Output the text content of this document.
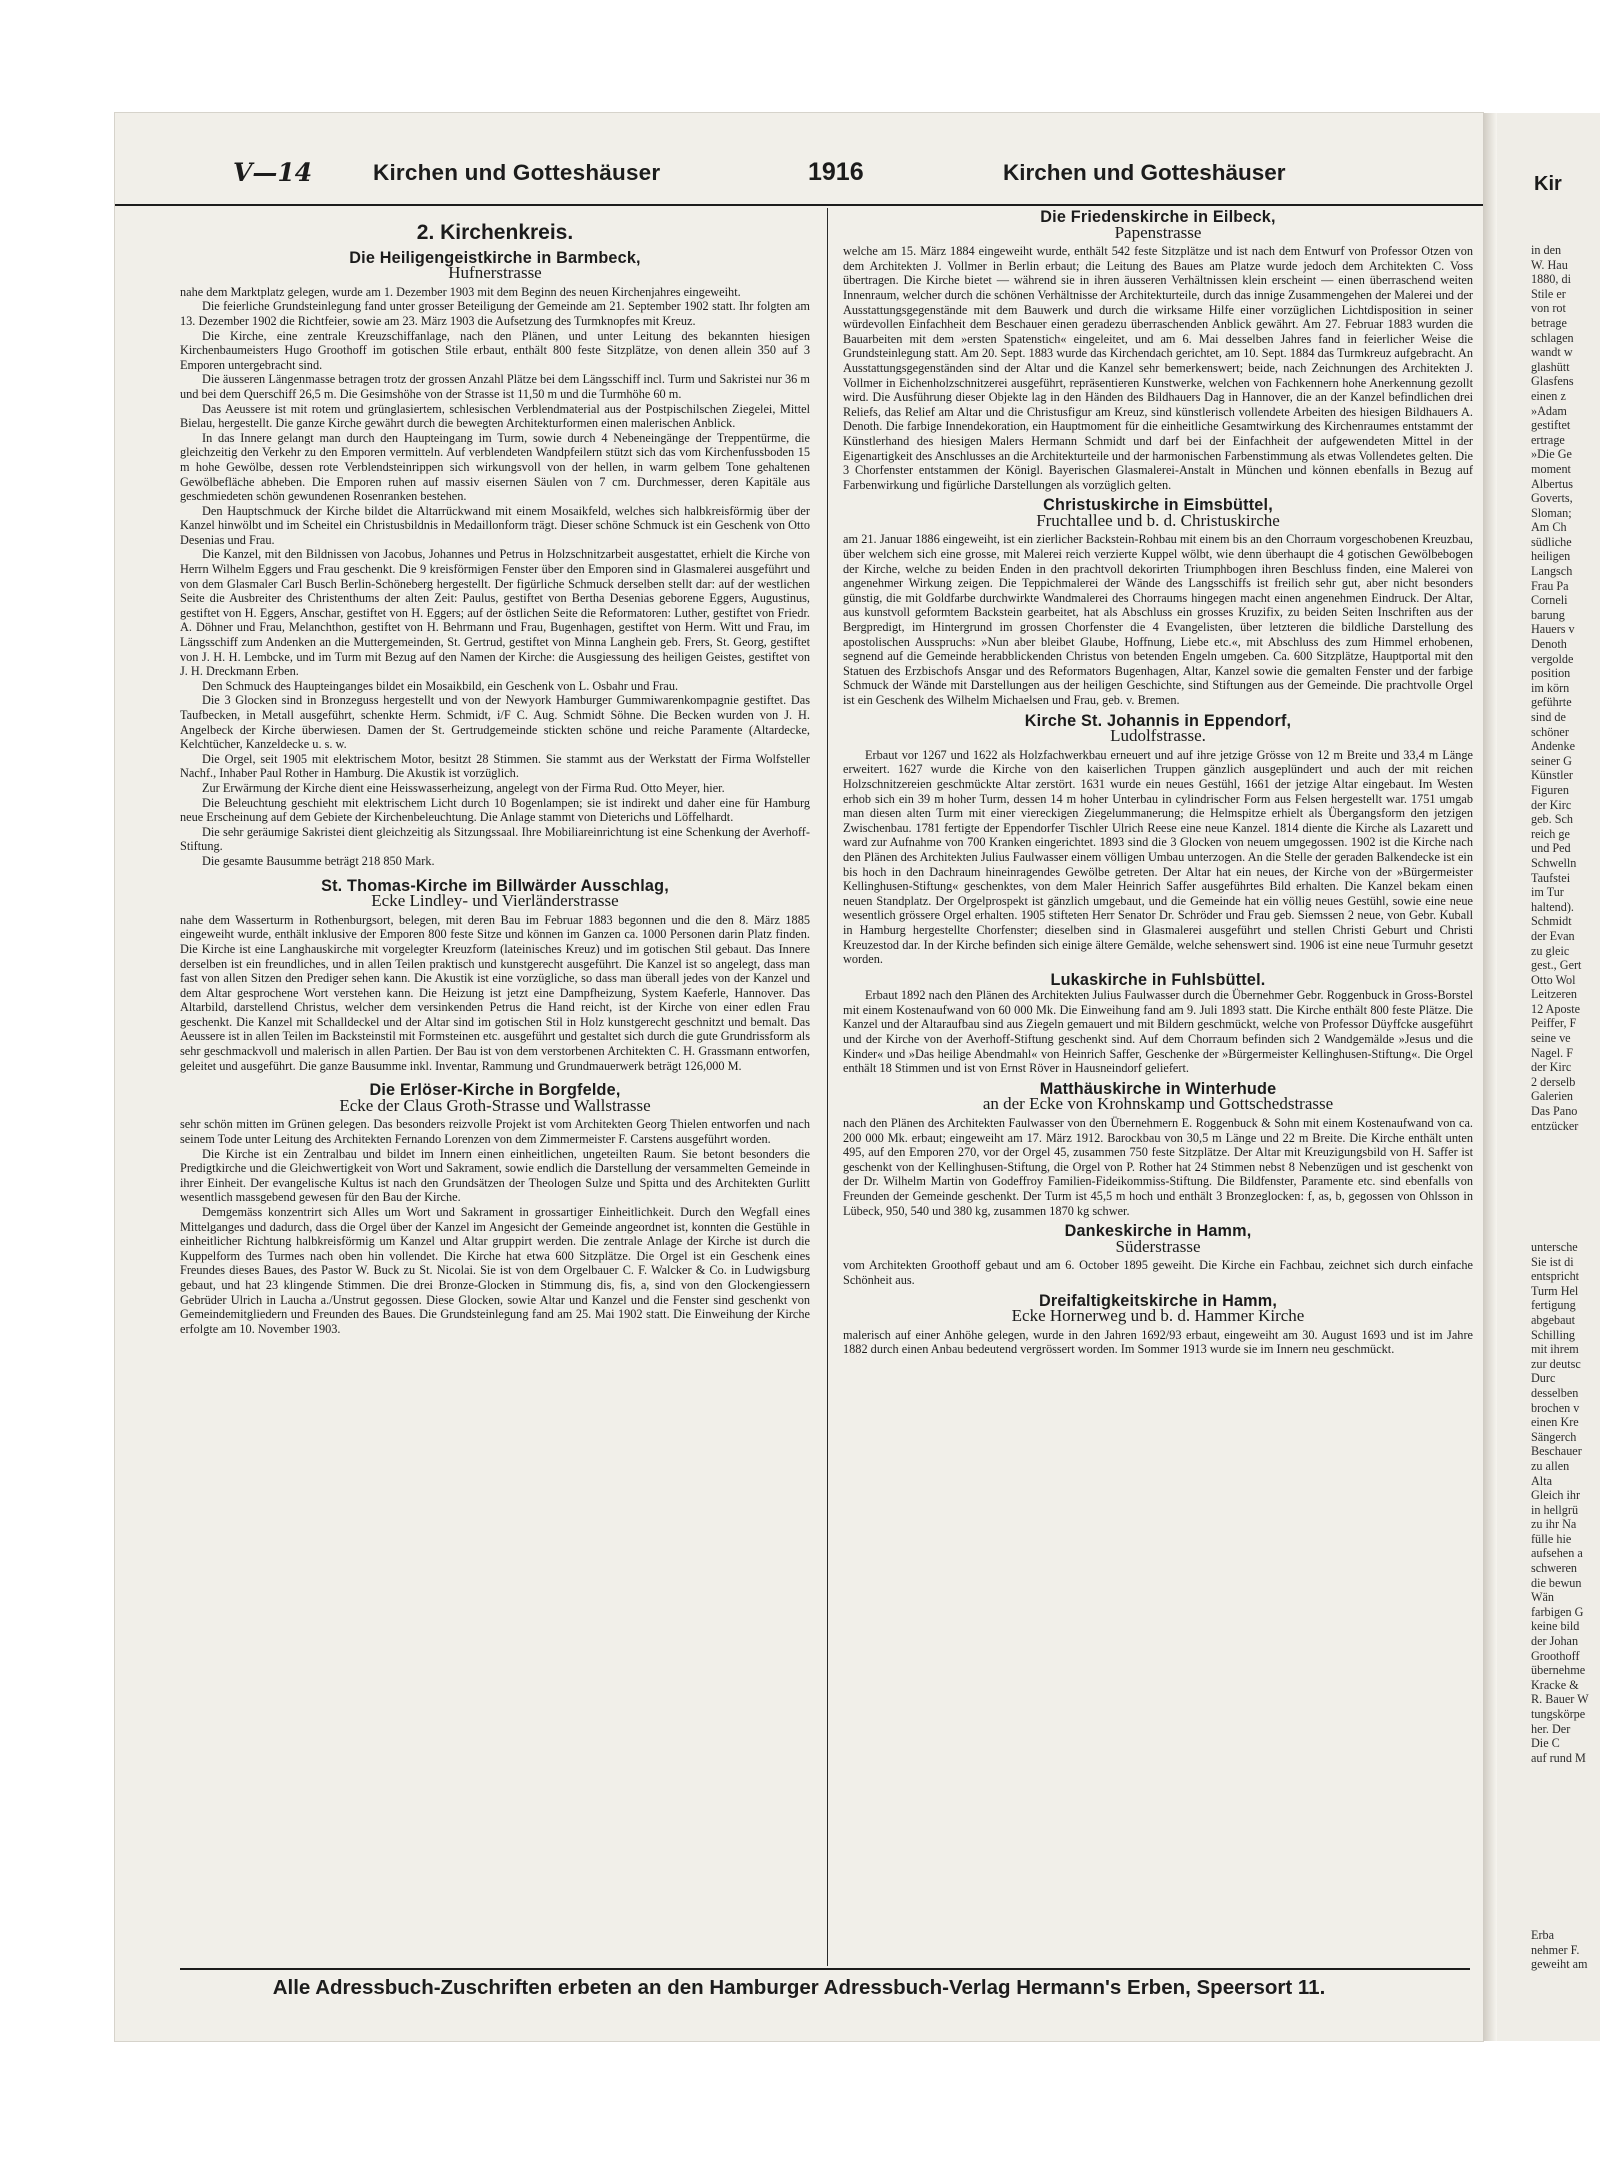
Kir
in den
W. Hau
1880, di
Stile er
von rot
betrage
schlagen
wandt w
glashütt
Glasfens
einen z
»Adam
gestiftet
ertrage
»Die Ge
moment
Albertus
Goverts,
Sloman;
Am Ch
südliche
heiligen
Langsch
Frau Pa
Corneli
barung
Hauers v
Denoth
vergolde
position
im körn
geführte
sind de
schöner
Andenke
seiner G
Künstler
Figuren
der Kirc
geb. Sch
reich ge
und Ped
Schwelln
Taufstei
im Tur
haltend).
Schmidt
der Evan
zu gleic
gest., Gert
Otto Wol
Leitzeren
12 Aposte
Peiffer, F
seine ve
Nagel. F
der Kirc
2 derselb
Galerien
Das Pano
entzücker
untersche
Sie ist di
entspricht
Turm Hel
fertigung
abgebaut
Schilling
mit ihrem
zur deutsc
Durc
desselben
brochen v
einen Kre
Sängerch
Beschauer
zu allen
Alta
Gleich ihr
in hellgrü
zu ihr Na
fülle hie
aufsehen a
schweren
die bewun
Wän
farbigen G
keine bild
der Johan
Groothoff
übernehme
Kracke &
R. Bauer W
tungskörpe
her. Der
Die C
auf rund M
Erba
nehmer F.
geweiht am
V—14	Kirchen und Gotteshäuser	1916	Kirchen und Gotteshäuser
2. Kirchenkreis.
Die Heiligengeistkirche in Barmbeck,
Hufnerstrasse

nahe dem Marktplatz gelegen, wurde am 1. Dezember 1903 mit dem Beginn des neuen Kirchenjahres eingeweiht.

Die feierliche Grundsteinlegung fand unter grosser Beteiligung der Gemeinde am 21. September 1902 statt. Ihr folgten am 13. Dezember 1902 die Richtfeier, sowie am 23. März 1903 die Aufsetzung des Turmknopfes mit Kreuz.

Die Kirche, eine zentrale Kreuzschiffanlage, nach den Plänen, und unter Leitung des bekannten hiesigen Kirchenbaumeisters Hugo Groothoff im gotischen Stile erbaut, enthält 800 feste Sitzplätze, von denen allein 350 auf 3 Emporen untergebracht sind.

Die äusseren Längenmasse betragen trotz der grossen Anzahl Plätze bei dem Längsschiff incl. Turm und Sakristei nur 36 m und bei dem Querschiff 26,5 m. Die Gesimshöhe von der Strasse ist 11,50 m und die Turmhöhe 60 m.

Das Aeussere ist mit rotem und grünglasiertem, schlesischen Verblendmaterial aus der Postpischilschen Ziegelei, Mittel Bielau, hergestellt. Die ganze Kirche gewährt durch die bewegten Architekturformen einen malerischen Anblick.

In das Innere gelangt man durch den Haupteingang im Turm, sowie durch 4 Nebeneingänge der Treppentürme, die gleichzeitig den Verkehr zu den Emporen vermitteln. Auf verblendeten Wandpfeilern stützt sich das vom Kirchenfussboden 15 m hohe Gewölbe, dessen rote Verblendsteinrippen sich wirkungsvoll von der hellen, in warm gelbem Tone gehaltenen Gewölbefläche abheben. Die Emporen ruhen auf massiv eisernen Säulen von 7 cm. Durchmesser, deren Kapitäle aus geschmiedeten schön gewundenen Rosenranken bestehen.

Den Hauptschmuck der Kirche bildet die Altarrückwand mit einem Mosaikfeld, welches sich halbkreisförmig über der Kanzel hinwölbt und im Scheitel ein Christusbildnis in Medaillonform trägt. Dieser schöne Schmuck ist ein Geschenk von Otto Desenias und Frau.

Die Kanzel, mit den Bildnissen von Jacobus, Johannes und Petrus in Holzschnitzarbeit ausgestattet, erhielt die Kirche von Herrn Wilhelm Eggers und Frau geschenkt. Die 9 kreisförmigen Fenster über den Emporen sind in Glasmalerei ausgeführt und von dem Glasmaler Carl Busch Berlin-Schöneberg hergestellt. Der figürliche Schmuck derselben stellt dar: auf der westlichen Seite die Ausbreiter des Christenthums der alten Zeit: Paulus, gestiftet von Bertha Desenias geborene Eggers, Augustinus, gestiftet von H. Eggers, Anschar, gestiftet von H. Eggers; auf der östlichen Seite die Reformatoren: Luther, gestiftet von Friedr. A. Döhner und Frau, Melanchthon, gestiftet von H. Behrmann und Frau, Bugenhagen, gestiftet von Herm. Witt und Frau, im Längsschiff zum Andenken an die Muttergemeinden, St. Gertrud, gestiftet von Minna Langhein geb. Frers, St. Georg, gestiftet von J. H. H. Lembcke, und im Turm mit Bezug auf den Namen der Kirche: die Ausgiessung des heiligen Geistes, gestiftet von J. H. Dreckmann Erben.

Den Schmuck des Haupteinganges bildet ein Mosaikbild, ein Geschenk von L. Osbahr und Frau.

Die 3 Glocken sind in Bronzeguss hergestellt und von der Newyork Hamburger Gummiwarenkompagnie gestiftet. Das Taufbecken, in Metall ausgeführt, schenkte Herm. Schmidt, i/F C. Aug. Schmidt Söhne. Die Becken wurden von J. H. Angelbeck der Kirche überwiesen. Damen der St. Gertrudgemeinde stickten schöne und reiche Paramente (Altardecke, Kelchtücher, Kanzeldecke u. s. w.

Die Orgel, seit 1905 mit elektrischem Motor, besitzt 28 Stimmen. Sie stammt aus der Werkstatt der Firma Wolfsteller Nachf., Inhaber Paul Rother in Hamburg. Die Akustik ist vorzüglich.

Zur Erwärmung der Kirche dient eine Heisswasserheizung, angelegt von der Firma Rud. Otto Meyer, hier.

Die Beleuchtung geschieht mit elektrischem Licht durch 10 Bogenlampen; sie ist indirekt und daher eine für Hamburg neue Erscheinung auf dem Gebiete der Kirchenbeleuchtung. Die Anlage stammt von Dieterichs und Löffelhardt.

Die sehr geräumige Sakristei dient gleichzeitig als Sitzungssaal. Ihre Mobiliareinrichtung ist eine Schenkung der Averhoff-Stiftung.

Die gesamte Bausumme beträgt 218 850 Mark.

St. Thomas-Kirche im Billwärder Ausschlag,
Ecke Lindley- und Vierländerstrasse

nahe dem Wasserturm in Rothenburgsort, belegen, mit deren Bau im Februar 1883 begonnen und die den 8. März 1885 eingeweiht wurde, enthält inklusive der Emporen 800 feste Sitze und können im Ganzen ca. 1000 Personen darin Platz finden. Die Kirche ist eine Langhauskirche mit vorgelegter Kreuzform (lateinisches Kreuz) und im gotischen Stil gebaut. Das Innere derselben ist ein freundliches, und in allen Teilen praktisch und kunstgerecht ausgeführt. Die Kanzel ist so angelegt, dass man fast von allen Sitzen den Prediger sehen kann. Die Akustik ist eine vorzügliche, so dass man überall jedes von der Kanzel und dem Altar gesprochene Wort verstehen kann. Die Heizung ist jetzt eine Dampfheizung, System Kaeferle, Hannover. Das Altarbild, darstellend Christus, welcher dem versinkenden Petrus die Hand reicht, ist der Kirche von einer edlen Frau geschenkt. Die Kanzel mit Schalldeckel und der Altar sind im gotischen Stil in Holz kunstgerecht geschnitzt und bemalt. Das Aeussere ist in allen Teilen im Backsteinstil mit Formsteinen etc. ausgeführt und gestaltet sich durch die gute Grundrissform als sehr geschmackvoll und malerisch in allen Partien. Der Bau ist von dem verstorbenen Architekten C. H. Grassmann entworfen, geleitet und ausgeführt. Die ganze Bausumme inkl. Inventar, Rammung und Grundmauerwerk beträgt 126,000 M.

Die Erlöser-Kirche in Borgfelde,
Ecke der Claus Groth-Strasse und Wallstrasse

sehr schön mitten im Grünen gelegen. Das besonders reizvolle Projekt ist vom Architekten Georg Thielen entworfen und nach seinem Tode unter Leitung des Architekten Fernando Lorenzen von dem Zimmermeister F. Carstens ausgeführt worden.

Die Kirche ist ein Zentralbau und bildet im Innern einen einheitlichen, ungeteilten Raum. Sie betont besonders die Predigtkirche und die Gleichwertigkeit von Wort und Sakrament, sowie endlich die Darstellung der versammelten Gemeinde in ihrer Einheit. Der evangelische Kultus ist nach den Grundsätzen der Theologen Sulze und Spitta und des Architekten Gurlitt wesentlich massgebend gewesen für den Bau der Kirche.

Demgemäss konzentrirt sich Alles um Wort und Sakrament in grossartiger Einheitlichkeit. Durch den Wegfall eines Mittelganges und dadurch, dass die Orgel über der Kanzel im Angesicht der Gemeinde angeordnet ist, konnten die Gestühle in einheitlicher Richtung halbkreisförmig um Kanzel und Altar gruppirt werden. Die zentrale Anlage der Kirche ist durch die Kuppelform des Turmes nach oben hin vollendet. Die Kirche hat etwa 600 Sitzplätze. Die Orgel ist ein Geschenk eines Freundes dieses Baues, des Pastor W. Buck zu St. Nicolai. Sie ist von dem Orgelbauer C. F. Walcker & Co. in Ludwigsburg gebaut, und hat 23 klingende Stimmen. Die drei Bronze-Glocken in Stimmung dis, fis, a, sind von den Glockengiessern Gebrüder Ulrich in Laucha a./Unstrut gegossen. Diese Glocken, sowie Altar und Kanzel und die Fenster sind geschenkt von Gemeindemitgliedern und Freunden des Baues. Die Grundsteinlegung fand am 25. Mai 1902 statt. Die Einweihung der Kirche erfolgte am 10. November 1903.

Die Friedenskirche in Eilbeck,
Papenstrasse

welche am 15. März 1884 eingeweiht wurde, enthält 542 feste Sitzplätze und ist nach dem Entwurf von Professor Otzen von dem Architekten J. Vollmer in Berlin erbaut; die Leitung des Baues am Platze wurde jedoch dem Architekten C. Voss übertragen. Die Kirche bietet — während sie in ihren äusseren Verhältnissen klein erscheint — einen überraschend weiten Innenraum, welcher durch die schönen Verhältnisse der Architekturteile, durch das innige Zusammengehen der Malerei und der Ausstattungsgegenstände mit dem Bauwerk und durch die wirksame Hilfe einer vorzüglichen Lichtdisposition in seiner würdevollen Einfachheit dem Beschauer einen geradezu überraschenden Anblick gewährt. Am 27. Februar 1883 wurden die Bauarbeiten mit dem »ersten Spatenstich« eingeleitet, und am 6. Mai desselben Jahres fand in feierlicher Weise die Grundsteinlegung statt. Am 20. Sept. 1883 wurde das Kirchendach gerichtet, am 10. Sept. 1884 das Turmkreuz aufgebracht. An Ausstattungsgegenständen sind der Altar und die Kanzel sehr bemerkenswert; beide, nach Zeichnungen des Architekten J. Vollmer in Eichenholzschnitzerei ausgeführt, repräsentieren Kunstwerke, welchen von Fachkennern hohe Anerkennung gezollt wird. Die Ausführung dieser Objekte lag in den Händen des Bildhauers Dag in Hannover, die an der Kanzel befindlichen drei Reliefs, das Relief am Altar und die Christusfigur am Kreuz, sind künstlerisch vollendete Arbeiten des hiesigen Bildhauers A. Denoth. Die farbige Innendekoration, ein Hauptmoment für die einheitliche Gesamtwirkung des Kirchenraumes entstammt der Künstlerhand des hiesigen Malers Hermann Schmidt und darf bei der Einfachheit der aufgewendeten Mittel in der Eigenartigkeit des Anschlusses an die Architekturteile und der harmonischen Farbenstimmung als etwas Vollendetes gelten. Die 3 Chorfenster entstammen der Königl. Bayerischen Glasmalerei-Anstalt in München und können ebenfalls in Bezug auf Farbenwirkung und figürliche Darstellungen als vorzüglich gelten.

Christuskirche in Eimsbüttel,
Fruchtallee und b. d. Christuskirche

am 21. Januar 1886 eingeweiht, ist ein zierlicher Backstein-Rohbau mit einem bis an den Chorraum vorgeschobenen Kreuzbau, über welchem sich eine grosse, mit Malerei reich verzierte Kuppel wölbt, wie denn überhaupt die 4 gotischen Gewölbebogen der Kirche, welche zu beiden Enden in den prachtvoll dekorirten Triumphbogen ihren Beschluss finden, eine Malerei von angenehmer Wirkung zeigen. Die Teppichmalerei der Wände des Langsschiffs ist freilich sehr gut, aber nicht besonders günstig, die mit Goldfarbe durchwirkte Wandmalerei des Chorraums hingegen macht einen angenehmen Eindruck. Der Altar, aus kunstvoll geformtem Backstein gearbeitet, hat als Abschluss ein grosses Kruzifix, zu beiden Seiten Inschriften aus der Bergpredigt, im Hintergrund im grossen Chorfenster die 4 Evangelisten, über letzteren die bildliche Darstellung des apostolischen Ausspruchs: »Nun aber bleibet Glaube, Hoffnung, Liebe etc.«, mit Abschluss des zum Himmel erhobenen, segnend auf die Gemeinde herabblickenden Christus von betenden Engeln umgeben. Ca. 600 Sitzplätze, Hauptportal mit den Statuen des Erzbischofs Ansgar und des Reformators Bugenhagen, Altar, Kanzel sowie die gemalten Fenster und der farbige Schmuck der Wände mit Darstellungen aus der heiligen Geschichte, sind Stiftungen aus der Gemeinde. Die prachtvolle Orgel ist ein Geschenk des Wilhelm Michaelsen und Frau, geb. v. Bremen.

Kirche St. Johannis in Eppendorf,
Ludolfstrasse.

Erbaut vor 1267 und 1622 als Holzfachwerkbau erneuert und auf ihre jetzige Grösse von 12 m Breite und 33,4 m Länge erweitert. 1627 wurde die Kirche von den kaiserlichen Truppen gänzlich ausgeplündert und auch der mit reichen Holzschnitzereien geschmückte Altar zerstört. 1631 wurde ein neues Gestühl, 1661 der jetzige Altar eingebaut. Im Westen erhob sich ein 39 m hoher Turm, dessen 14 m hoher Unterbau in cylindrischer Form aus Felsen hergestellt war. 1751 umgab man diesen alten Turm mit einer viereckigen Ziegelummanerung; die Helmspitze erhielt als Übergangsform den jetzigen Zwischenbau. 1781 fertigte der Eppendorfer Tischler Ulrich Reese eine neue Kanzel. 1814 diente die Kirche als Lazarett und ward zur Aufnahme von 700 Kranken eingerichtet. 1893 sind die 3 Glocken von neuem umgegossen. 1902 ist die Kirche nach den Plänen des Architekten Julius Faulwasser einem völligen Umbau unterzogen. An die Stelle der geraden Balkendecke ist ein bis hoch in den Dachraum hineinragendes Gewölbe getreten. Der Altar hat ein neues, der Kirche von der »Bürgermeister Kellinghusen-Stiftung« geschenktes, von dem Maler Heinrich Saffer ausgeführtes Bild erhalten. Die Kanzel bekam einen neuen Standplatz. Der Orgelprospekt ist gänzlich umgebaut, und die Gemeinde hat ein völlig neues Gestühl, sowie eine neue wesentlich grössere Orgel erhalten. 1905 stifteten Herr Senator Dr. Schröder und Frau geb. Siemssen 2 neue, von Gebr. Kuball in Hamburg hergestellte Chorfenster; dieselben sind in Glasmalerei ausgeführt und stellen Christi Geburt und Christi Kreuzestod dar. In der Kirche befinden sich einige ältere Gemälde, welche sehenswert sind. 1906 ist eine neue Turmuhr gesetzt worden.

Lukaskirche in Fuhlsbüttel.

Erbaut 1892 nach den Plänen des Architekten Julius Faulwasser durch die Übernehmer Gebr. Roggenbuck in Gross-Borstel mit einem Kostenaufwand von 60 000 Mk. Die Einweihung fand am 9. Juli 1893 statt. Die Kirche enthält 800 feste Plätze. Die Kanzel und der Altaraufbau sind aus Ziegeln gemauert und mit Bildern geschmückt, welche von Professor Düyffcke ausgeführt und der Kirche von der Averhoff-Stiftung geschenkt sind. Auf dem Chorraum befinden sich 2 Wandgemälde »Jesus und die Kinder« und »Das heilige Abendmahl« von Heinrich Saffer, Geschenke der »Bürgermeister Kellinghusen-Stiftung«. Die Orgel enthält 18 Stimmen und ist von Ernst Röver in Hausneindorf geliefert.

Matthäuskirche in Winterhude
an der Ecke von Krohnskamp und Gottschedstrasse

nach den Plänen des Architekten Faulwasser von den Übernehmern E. Roggenbuck & Sohn mit einem Kostenaufwand von ca. 200 000 Mk. erbaut; eingeweiht am 17. März 1912. Barockbau von 30,5 m Länge und 22 m Breite. Die Kirche enthält unten 495, auf den Emporen 270, vor der Orgel 45, zusammen 750 feste Sitzplätze. Der Altar mit Kreuzigungsbild von H. Saffer ist geschenkt von der Kellinghusen-Stiftung, die Orgel von P. Rother hat 24 Stimmen nebst 8 Nebenzügen und ist geschenkt von der Dr. Wilhelm Martin von Godeffroy Familien-Fideikommiss-Stiftung. Die Bildfenster, Paramente etc. sind ebenfalls von Freunden der Gemeinde geschenkt. Der Turm ist 45,5 m hoch und enthält 3 Bronzeglocken: f, as, b, gegossen von Ohlsson in Lübeck, 950, 540 und 380 kg, zusammen 1870 kg schwer.

Dankeskirche in Hamm,
Süderstrasse

vom Architekten Groothoff gebaut und am 6. October 1895 geweiht. Die Kirche ein Fachbau, zeichnet sich durch einfache Schönheit aus.

Dreifaltigkeitskirche in Hamm,
Ecke Hornerweg und b. d. Hammer Kirche

malerisch auf einer Anhöhe gelegen, wurde in den Jahren 1692/93 erbaut, eingeweiht am 30. August 1693 und ist im Jahre 1882 durch einen Anbau bedeutend vergrössert worden. Im Sommer 1913 wurde sie im Innern neu geschmückt.

Alle Adressbuch-Zuschriften erbeten an den Hamburger Adressbuch-Verlag Hermann's Erben, Speersort 11.
